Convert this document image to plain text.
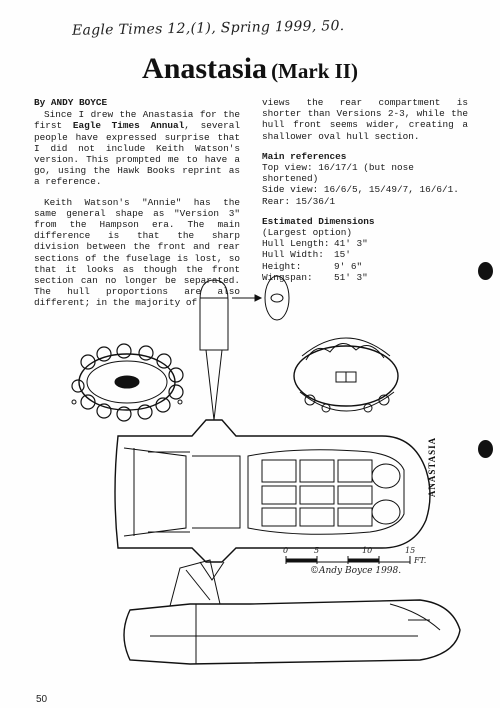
Eagle Times 12,(1), Spring 1999, 50.
Anastasia (Mark II)
By ANDY BOYCE

Since I drew the Anastasia for the first Eagle Times Annual, several people have expressed surprise that I did not include Keith Watson's version. This prompted me to have a go, using the Hawk Books reprint as a reference.

Keith Watson's "Annie" has the same general shape as "Version 3" from the Hampson era. The main difference is that the sharp division between the front and rear sections of the fuselage is lost, so that it looks as though the front section can no longer be separated. The hull proportions are also different; in the majority of

views the rear compartment is shorter than Versions 2-3, while the hull front seems wider, creating a shallower oval hull section.

Main references
Top view: 16/17/1 (but nose shortened)
Side view: 16/6/5, 15/49/7, 16/6/1.
Rear: 15/36/1
Estimated Dimensions
(Largest option)
Hull Length: 41' 3"
Hull Width: 15'
Height:	9' 6"
Wingspan: 51' 3"
ANASTASIA
0	5	10	15
FT.
©Andy Boyce 1998.
50
